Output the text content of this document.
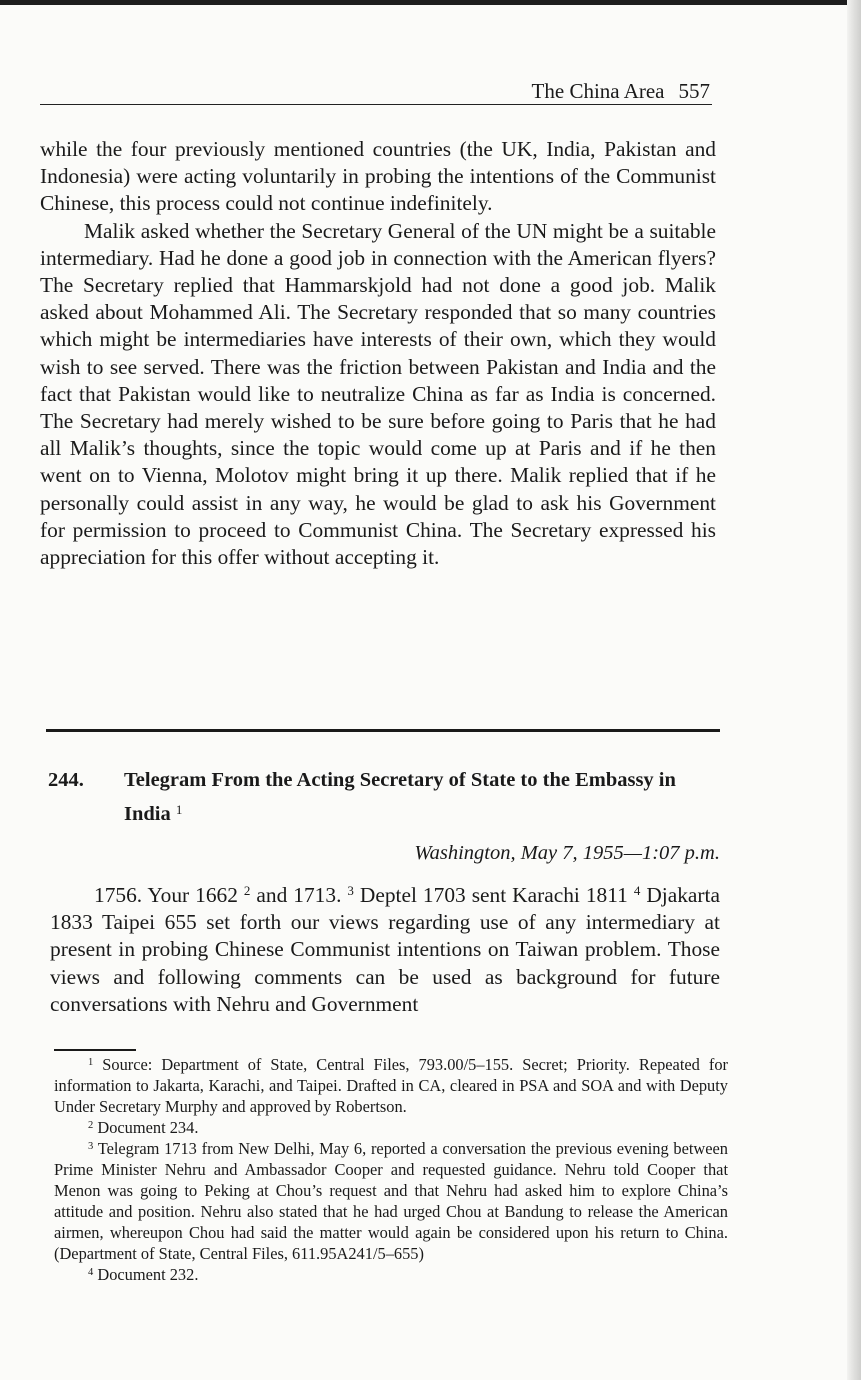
The China Area 557

while the four previously mentioned countries (the UK, India, Pakistan and Indonesia) were acting voluntarily in probing the intentions of the Communist Chinese, this process could not continue indefinitely.

Malik asked whether the Secretary General of the UN might be a suitable intermediary. Had he done a good job in connection with the American flyers? The Secretary replied that Hammarskjold had not done a good job. Malik asked about Mohammed Ali. The Secretary responded that so many countries which might be intermediaries have interests of their own, which they would wish to see served. There was the friction between Pakistan and India and the fact that Pakistan would like to neutralize China as far as India is concerned. The Secretary had merely wished to be sure before going to Paris that he had all Malik’s thoughts, since the topic would come up at Paris and if he then went on to Vienna, Molotov might bring it up there. Malik replied that if he personally could assist in any way, he would be glad to ask his Government for permission to proceed to Communist China. The Secretary expressed his appreciation for this offer without accepting it.

244. Telegram From the Acting Secretary of State to the Embassy in India $^1$
Washington, May 7, 1955—1:07 p.m.

1756. Your 1662 $^2$ and 1713. $^3$ Deptel 1703 sent Karachi 1811 $^4$ Djakarta 1833 Taipei 655 set forth our views regarding use of any intermediary at present in probing Chinese Communist intentions on Taiwan problem. Those views and following comments can be used as background for future conversations with Nehru and Government

$^1$ Source: Department of State, Central Files, 793.00/5–155. Secret; Priority. Repeated for information to Jakarta, Karachi, and Taipei. Drafted in CA, cleared in PSA and SOA and with Deputy Under Secretary Murphy and approved by Robertson.

$^2$ Document 234.

$^3$ Telegram 1713 from New Delhi, May 6, reported a conversation the previous evening between Prime Minister Nehru and Ambassador Cooper and requested guidance. Nehru told Cooper that Menon was going to Peking at Chou’s request and that Nehru had asked him to explore China’s attitude and position. Nehru also stated that he had urged Chou at Bandung to release the American airmen, whereupon Chou had said the matter would again be considered upon his return to China. (Department of State, Central Files, 611.95A241/5–655)

$^4$ Document 232.
